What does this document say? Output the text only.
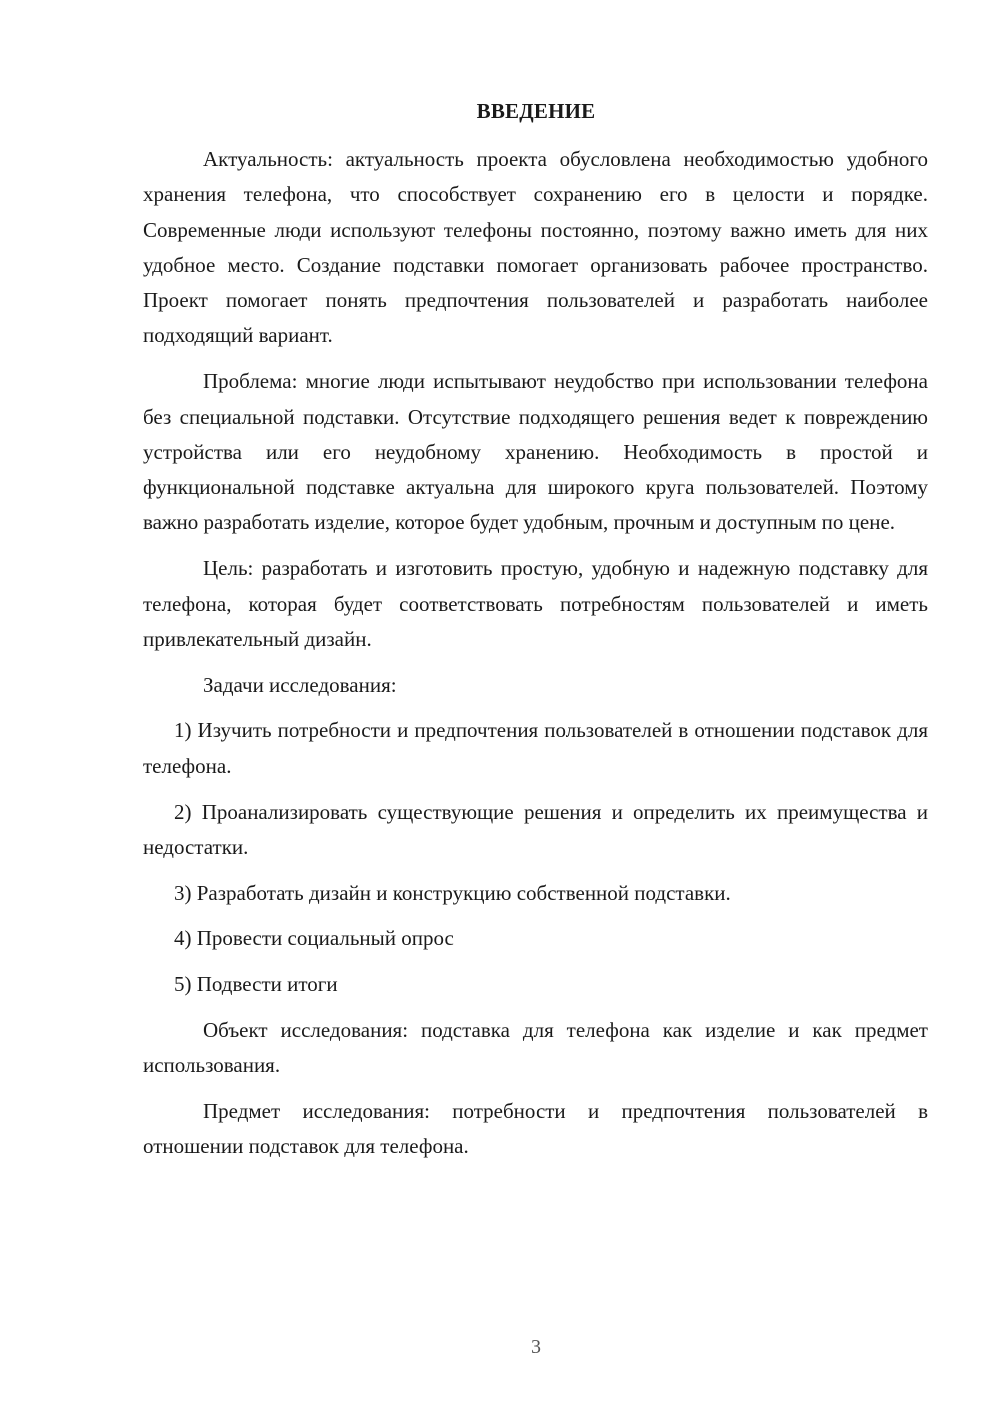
ВВЕДЕНИЕ

Актуальность: актуальность проекта обусловлена необходимостью удобного хранения телефона, что способствует сохранению его в целости и порядке. Современные люди используют телефоны постоянно, поэтому важно иметь для них удобное место. Создание подставки помогает организовать рабочее пространство. Проект помогает понять предпочтения пользователей и разработать наиболее подходящий вариант.

Проблема: многие люди испытывают неудобство при использовании телефона без специальной подставки. Отсутствие подходящего решения ведет к повреждению устройства или его неудобному хранению. Необходимость в простой и функциональной подставке актуальна для широкого круга пользователей. Поэтому важно разработать изделие, которое будет удобным, прочным и доступным по цене.

Цель: разработать и изготовить простую, удобную и надежную подставку для телефона, которая будет соответствовать потребностям пользователей и иметь привлекательный дизайн.

Задачи исследования:

1) Изучить потребности и предпочтения пользователей в отношении подставок для телефона.

2) Проанализировать существующие решения и определить их преимущества и недостатки.

3) Разработать дизайн и конструкцию собственной подставки.

4) Провести социальный опрос

5) Подвести итоги

Объект исследования: подставка для телефона как изделие и как предмет использования.

Предмет исследования: потребности и предпочтения пользователей в отношении подставок для телефона.

3
